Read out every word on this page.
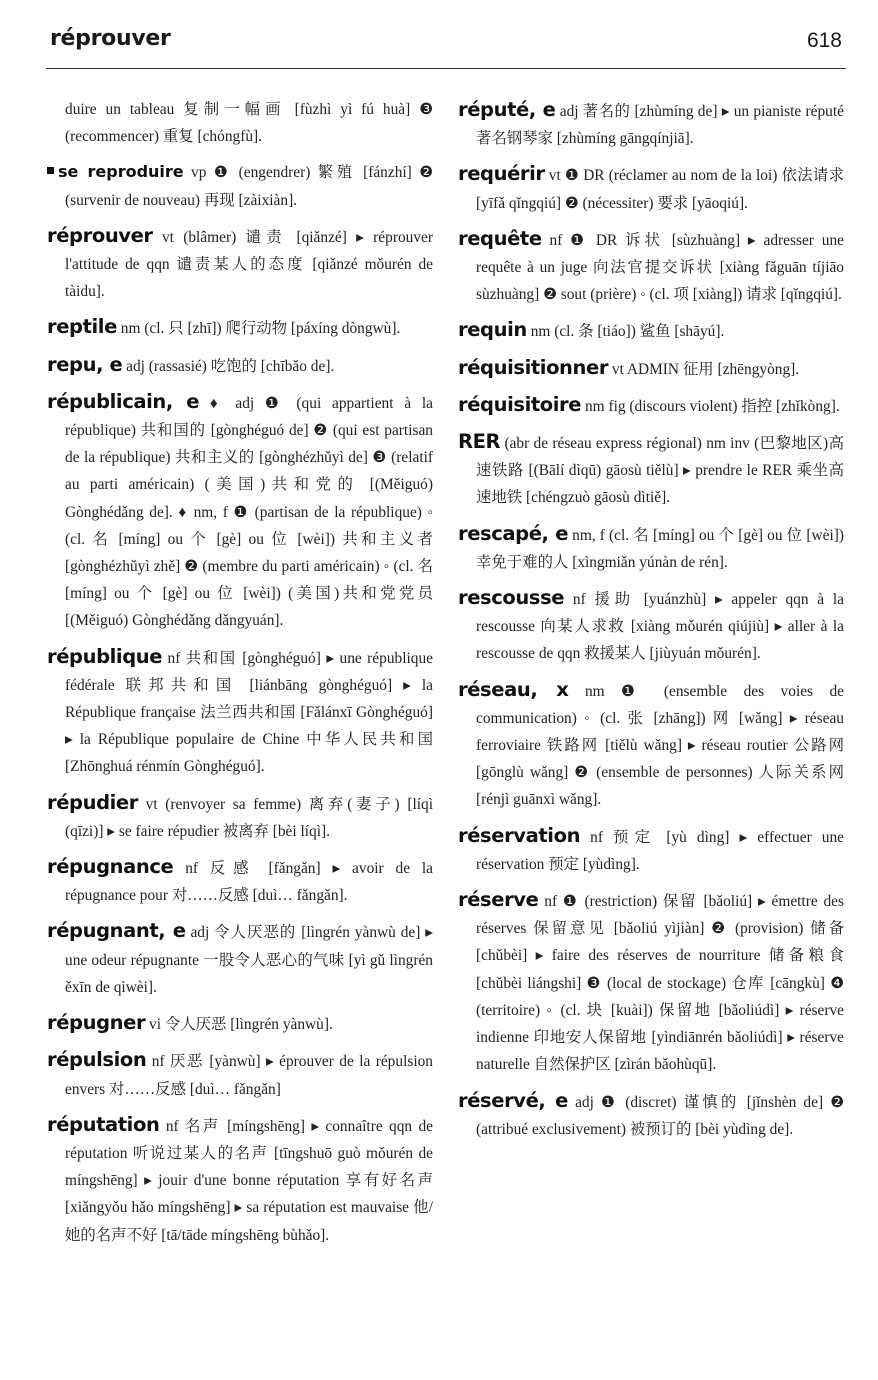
réprouver	618

duire un tableau 复制一幅画 [fùzhì yì fú huà] ❸ (recommencer) 重复 [chóngfù].

se reproduire vp ❶ (engendrer) 繁殖 [fánzhí] ❷ (survenir de nouveau) 再现 [zàixiàn].

réprouver vt (blâmer) 谴责 [qiǎnzé] ▸ réprouver l'attitude de qqn 谴责某人的态度 [qiǎnzé mǒurén de tàidu].

reptile nm (cl. 只 [zhī]) 爬行动物 [páxíng dòngwù].

repu, e adj (rassasié) 吃饱的 [chībǎo de].

républicain, e ♦ adj ❶ (qui appartient à la république) 共和国的 [gònghéguó de] ❷ (qui est partisan de la république) 共和主义的 [gònghézhǔyì de] ❸ (relatif au parti américain) (美国)共和党的 [(Měiguó) Gònghédǎng de]. ♦ nm, f ❶ (partisan de la république) ◦ (cl. 名 [míng] ou 个 [gè] ou 位 [wèi]) 共和主义者 [gònghézhǔyì zhě] ❷ (membre du parti américain) ◦ (cl. 名 [míng] ou 个 [gè] ou 位 [wèi]) (美国)共和党党员 [(Měiguó) Gònghédǎng dǎngyuán].

république nf 共和国 [gònghéguó] ▸ une république fédérale 联邦共和国 [liánbāng gònghéguó] ▸ la République française 法兰西共和国 [Fǎlánxī Gònghéguó] ▸ la République populaire de Chine 中华人民共和国 [Zhōnghuá rénmín Gònghéguó].

répudier vt (renvoyer sa femme) 离弃(妻子) [líqì (qīzi)] ▸ se faire répudier 被离弃 [bèi líqì].

répugnance nf 反感 [fǎngǎn] ▸ avoir de la répugnance pour 对……反感 [duì… fǎngǎn].

répugnant, e adj 令人厌恶的 [lìngrén yànwù de] ▸ une odeur répugnante 一股令人恶心的气味 [yì gǔ lìngrén ěxīn de qìwèi].

répugner vi 令人厌恶 [lìngrén yànwù].

répulsion nf 厌恶 [yànwù] ▸ éprouver de la répulsion envers 对……反感 [duì… fǎngǎn]

réputation nf 名声 [míngshēng] ▸ connaître qqn de réputation 听说过某人的名声 [tīngshuō guò mǒurén de míngshēng] ▸ jouir d'une bonne réputation 享有好名声 [xiǎngyǒu hǎo míngshēng] ▸ sa réputation est mauvaise 他/她的名声不好 [tā/tāde míngshēng bùhǎo].

réputé, e adj 著名的 [zhùmíng de] ▸ un pianiste réputé 著名钢琴家 [zhùmíng gāngqínjiā].

requérir vt ❶ DR (réclamer au nom de la loi) 依法请求 [yīfǎ qǐngqiú] ❷ (nécessiter) 要求 [yāoqiú].

requête nf ❶ DR 诉状 [sùzhuàng] ▸ adresser une requête à un juge 向法官提交诉状 [xiàng fǎguān tíjiāo sùzhuàng] ❷ sout (prière) ◦ (cl. 项 [xiàng]) 请求 [qǐngqiú].

requin nm (cl. 条 [tiáo]) 鲨鱼 [shāyú].

réquisitionner vt ADMIN 征用 [zhēngyòng].

réquisitoire nm fig (discours violent) 指控 [zhǐkòng].

RER (abr de réseau express régional) nm inv (巴黎地区)高速铁路 [(Bālí dìqū) gāosù tiělù] ▸ prendre le RER 乘坐高速地铁 [chéngzuò gāosù dìtiě].

rescapé, e nm, f (cl. 名 [míng] ou 个 [gè] ou 位 [wèi]) 幸免于难的人 [xìngmiǎn yúnàn de rén].

rescousse nf 援助 [yuánzhù] ▸ appeler qqn à la rescousse 向某人求救 [xiàng mǒurén qiújiù] ▸ aller à la rescousse de qqn 救援某人 [jiùyuán mǒurén].

réseau, x nm ❶ (ensemble des voies de communication) ◦ (cl. 张 [zhāng]) 网 [wǎng] ▸ réseau ferroviaire 铁路网 [tiělù wǎng] ▸ réseau routier 公路网 [gōnglù wǎng] ❷ (ensemble de personnes) 人际关系网 [rénjì guānxì wǎng].

réservation nf 预定 [yù dìng] ▸ effectuer une réservation 预定 [yùdìng].

réserve nf ❶ (restriction) 保留 [bǎoliú] ▸ émettre des réserves 保留意见 [bǎoliú yìjiàn] ❷ (provision) 储备 [chǔbèi] ▸ faire des réserves de nourriture 储备粮食 [chǔbèi liángshi] ❸ (local de stockage) 仓库 [cāngkù] ❹ (territoire) ◦ (cl. 块 [kuài]) 保留地 [bǎoliúdì] ▸ réserve indienne 印地安人保留地 [yìndiānrén bǎoliúdì] ▸ réserve naturelle 自然保护区 [zìrán bǎohùqū].

réservé, e adj ❶ (discret) 谨慎的 [jǐnshèn de] ❷ (attribué exclusivement) 被预订的 [bèi yùdìng de].
